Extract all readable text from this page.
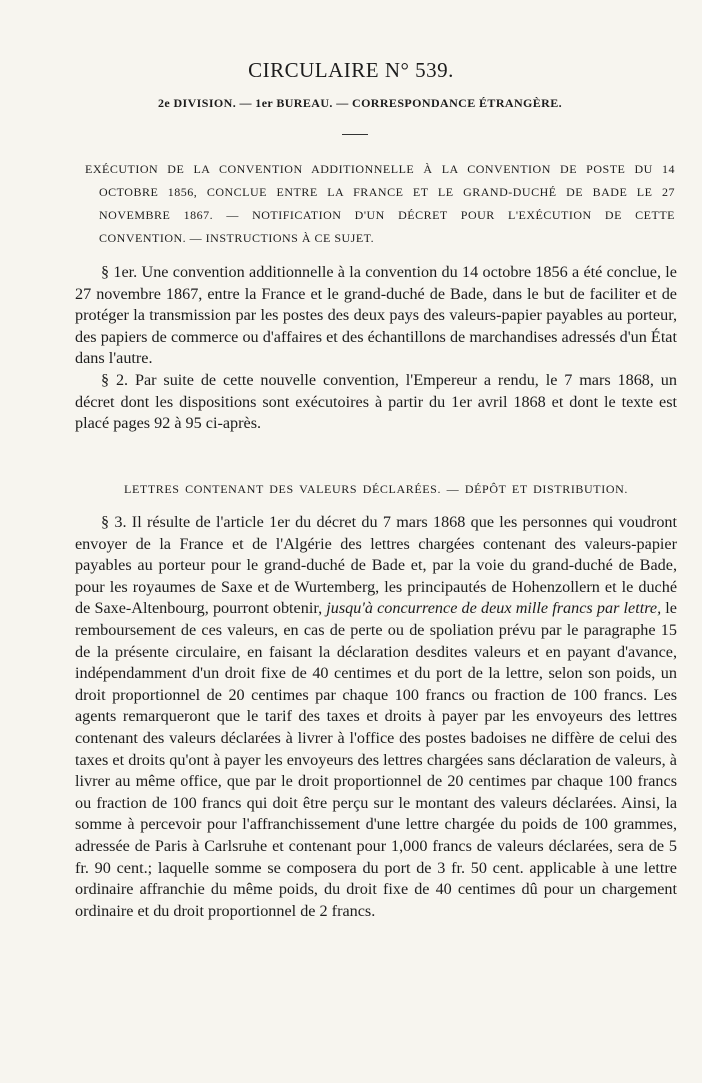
CIRCULAIRE N° 539.
2e DIVISION. — 1er BUREAU. — CORRESPONDANCE ÉTRANGÈRE.
EXÉCUTION DE LA CONVENTION ADDITIONNELLE À LA CONVENTION DE POSTE DU 14 OCTOBRE 1856, CONCLUE ENTRE LA FRANCE ET LE GRAND-DUCHÉ DE BADE LE 27 NOVEMBRE 1867. — NOTIFICATION D'UN DÉCRET POUR L'EXÉCUTION DE CETTE CONVENTION. — INSTRUCTIONS À CE SUJET.

§ 1er. Une convention additionnelle à la convention du 14 octobre 1856 a été conclue, le 27 novembre 1867, entre la France et le grand-duché de Bade, dans le but de faciliter et de protéger la transmission par les postes des deux pays des valeurs-papier payables au porteur, des papiers de commerce ou d'affaires et des échantillons de marchandises adressés d'un État dans l'autre.

§ 2. Par suite de cette nouvelle convention, l'Empereur a rendu, le 7 mars 1868, un décret dont les dispositions sont exécutoires à partir du 1er avril 1868 et dont le texte est placé pages 92 à 95 ci-après.

LETTRES CONTENANT DES VALEURS DÉCLARÉES. — DÉPÔT ET DISTRIBUTION.

§ 3. Il résulte de l'article 1er du décret du 7 mars 1868 que les personnes qui voudront envoyer de la France et de l'Algérie des lettres chargées contenant des valeurs-papier payables au porteur pour le grand-duché de Bade et, par la voie du grand-duché de Bade, pour les royaumes de Saxe et de Wurtemberg, les principautés de Hohenzollern et le duché de Saxe-Altenbourg, pourront obtenir, jusqu'à concurrence de deux mille francs par lettre, le remboursement de ces valeurs, en cas de perte ou de spoliation prévu par le paragraphe 15 de la présente circulaire, en faisant la déclaration desdites valeurs et en payant d'avance, indépendamment d'un droit fixe de 40 centimes et du port de la lettre, selon son poids, un droit proportionnel de 20 centimes par chaque 100 francs ou fraction de 100 francs. Les agents remarqueront que le tarif des taxes et droits à payer par les envoyeurs des lettres contenant des valeurs déclarées à livrer à l'office des postes badoises ne diffère de celui des taxes et droits qu'ont à payer les envoyeurs des lettres chargées sans déclaration de valeurs, à livrer au même office, que par le droit proportionnel de 20 centimes par chaque 100 francs ou fraction de 100 francs qui doit être perçu sur le montant des valeurs déclarées. Ainsi, la somme à percevoir pour l'affranchissement d'une lettre chargée du poids de 100 grammes, adressée de Paris à Carlsruhe et contenant pour 1,000 francs de valeurs déclarées, sera de 5 fr. 90 cent.; laquelle somme se composera du port de 3 fr. 50 cent. applicable à une lettre ordinaire affranchie du même poids, du droit fixe de 40 centimes dû pour un chargement ordinaire et du droit proportionnel de 2 francs.
